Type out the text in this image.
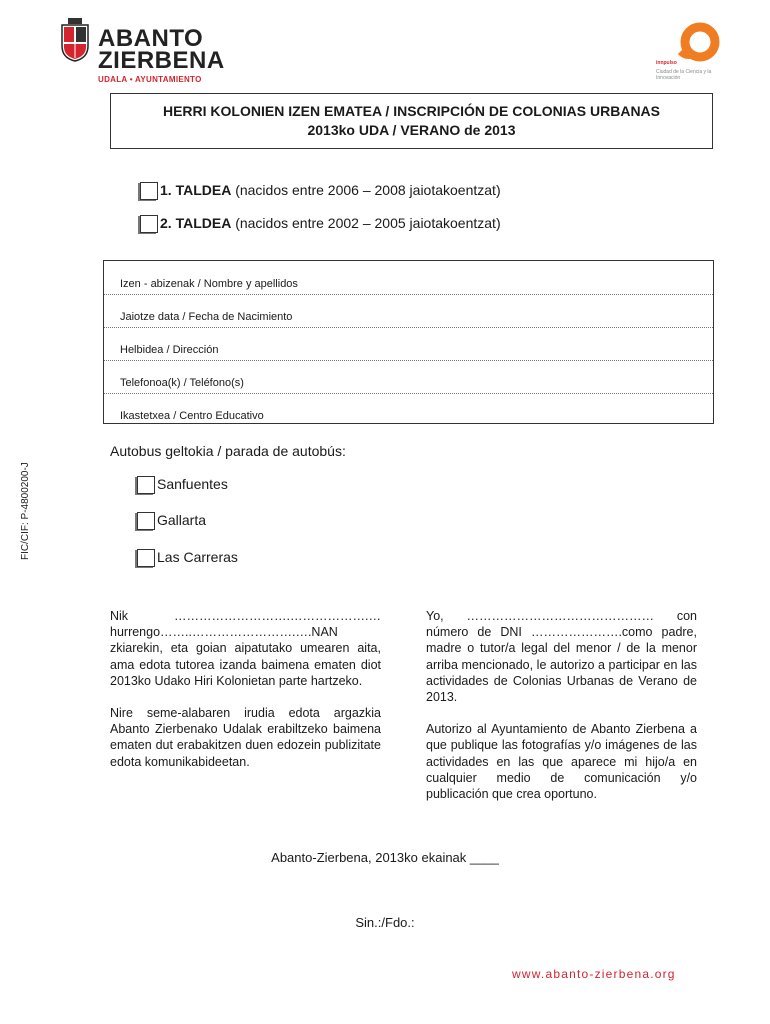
ABANTO
ZIERBENA
UDALA • AYUNTAMIENTO
innpulso
Ciudad de la Ciencia y la Innovación
HERRI KOLONIEN IZEN EMATEA / INSCRIPCIÓN DE COLONIAS URBANAS
2013ko UDA / VERANO de 2013
1. TALDEA (nacidos entre 2006 – 2008 jaiotakoentzat)
2. TALDEA (nacidos entre 2002 – 2005 jaiotakoentzat)
Izen - abizenak / Nombre y apellidos
Jaiotze data / Fecha de Nacimiento
Helbidea / Dirección
Telefonoa(k) / Teléfono(s)
Ikastetxea / Centro Educativo
FIC/CIF: P-4800200-J
Autobus geltokia / parada de autobús:
Sanfuentes
Gallarta
Las Carreras

Nik ……………………….……………….… hurrengo……..…………………….….NAN zkiarekin, eta goian aipatutako umearen aita, ama edota tutorea izanda baimena ematen diot 2013ko Udako Hiri Kolonietan parte hartzeko.

Nire seme-alabaren irudia edota argazkia Abanto Zierbenako Udalak erabiltzeko baimena ematen dut erabakitzen duen edozein publizitate edota komunikabideetan.

Yo, ……………………………………… con número de DNI ………………….como padre, madre o tutor/a legal del menor / de la menor arriba mencionado, le autorizo a participar en las actividades de Colonias Urbanas de Verano de 2013.

Autorizo al Ayuntamiento de Abanto Zierbena a que publique las fotografías y/o imágenes de las actividades en las que aparece mi hijo/a en cualquier medio de comunicación y/o publicación que crea oportuno.

Abanto-Zierbena, 2013ko ekainak ____
Sin.:/Fdo.:
www.abanto-zierbena.org
